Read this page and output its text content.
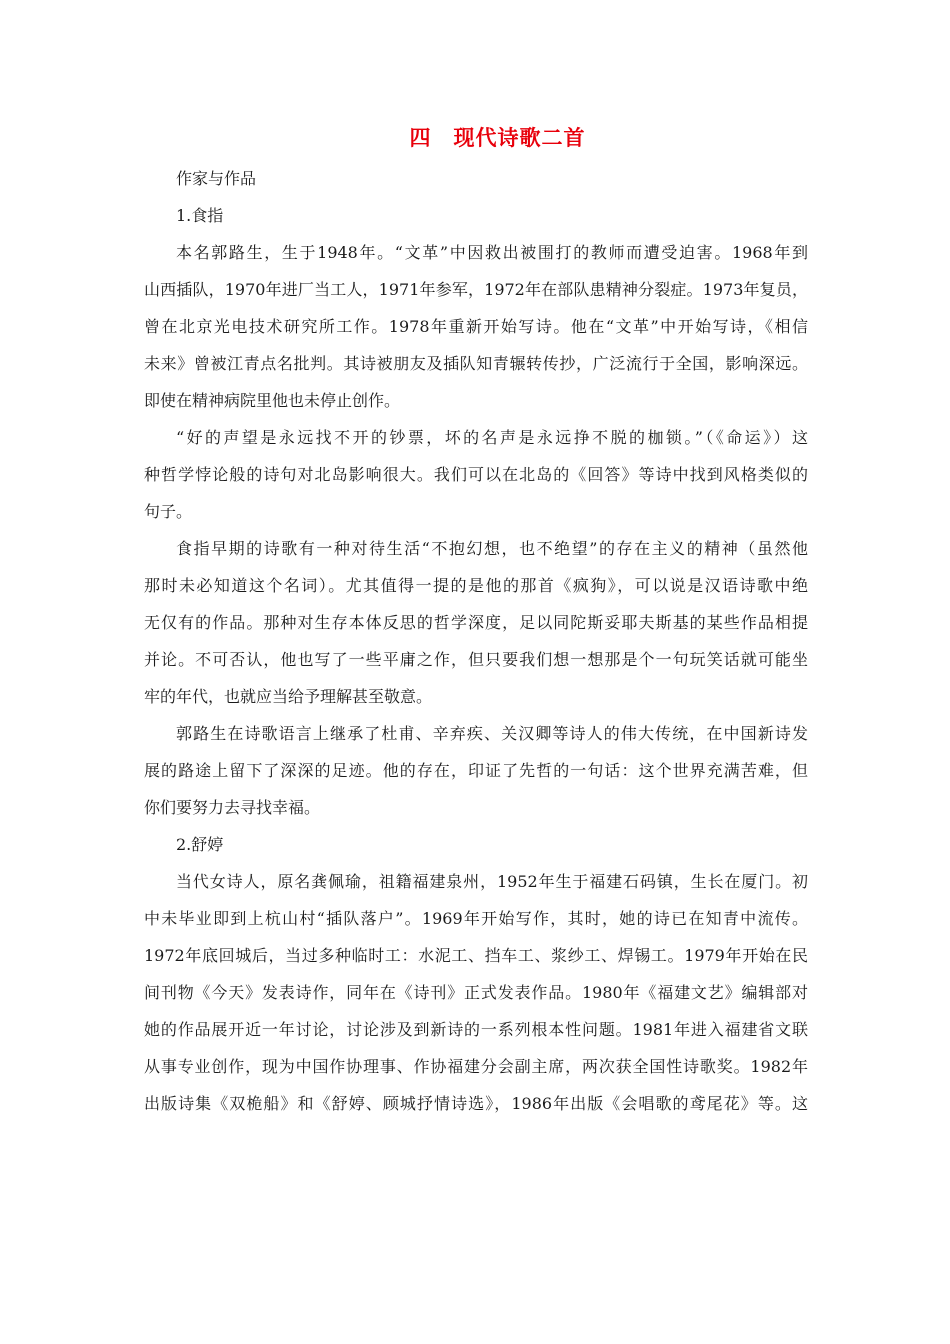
四　现代诗歌二首
作家与作品
1.食指
本名郭路生，生于1948年。“文革”中因救出被围打的教师而遭受迫害。1968年到
山西插队，1970年进厂当工人，1971年参军，1972年在部队患精神分裂症。1973年复员，
曾在北京光电技术研究所工作。1978年重新开始写诗。他在“文革”中开始写诗，《相信
未来》曾被江青点名批判。其诗被朋友及插队知青辗转传抄，广泛流行于全国，影响深远。
即使在精神病院里他也未停止创作。
“好的声望是永远找不开的钞票，坏的名声是永远挣不脱的枷锁。”（《命运》）这
种哲学悖论般的诗句对北岛影响很大。我们可以在北岛的《回答》等诗中找到风格类似的
句子。
食指早期的诗歌有一种对待生活“不抱幻想，也不绝望”的存在主义的精神（虽然他
那时未必知道这个名词）。尤其值得一提的是他的那首《疯狗》，可以说是汉语诗歌中绝
无仅有的作品。那种对生存本体反思的哲学深度，足以同陀斯妥耶夫斯基的某些作品相提
并论。不可否认，他也写了一些平庸之作，但只要我们想一想那是个一句玩笑话就可能坐
牢的年代，也就应当给予理解甚至敬意。
郭路生在诗歌语言上继承了杜甫、辛弃疾、关汉卿等诗人的伟大传统，在中国新诗发
展的路途上留下了深深的足迹。他的存在，印证了先哲的一句话：这个世界充满苦难，但
你们要努力去寻找幸福。
2.舒婷
当代女诗人，原名龚佩瑜，祖籍福建泉州，1952年生于福建石码镇，生长在厦门。初
中未毕业即到上杭山村“插队落户”。1969年开始写作，其时，她的诗已在知青中流传。
1972年底回城后，当过多种临时工：水泥工、挡车工、浆纱工、焊锡工。1979年开始在民
间刊物《今天》发表诗作，同年在《诗刊》正式发表作品。1980年《福建文艺》编辑部对
她的作品展开近一年讨论，讨论涉及到新诗的一系列根本性问题。1981年进入福建省文联
从事专业创作，现为中国作协理事、作协福建分会副主席，两次获全国性诗歌奖。1982年
出版诗集《双桅船》和《舒婷、顾城抒情诗选》，1986年出版《会唱歌的鸢尾花》等。这
